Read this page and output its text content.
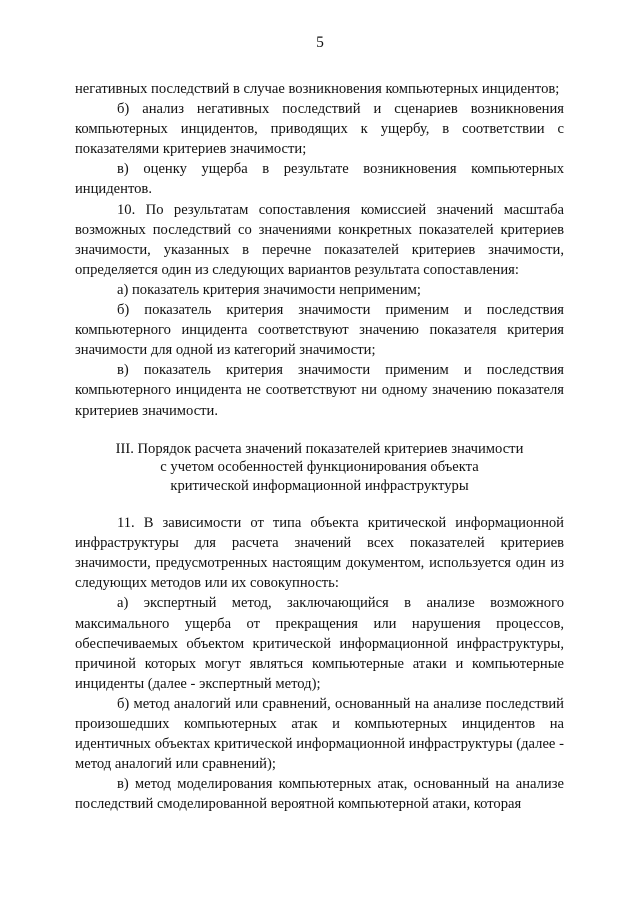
5

негативных последствий в случае возникновения компьютерных инцидентов;

б) анализ негативных последствий и сценариев возникновения компьютерных инцидентов, приводящих к ущербу, в соответствии с показателями критериев значимости;

в) оценку ущерба в результате возникновения компьютерных инцидентов.

10. По результатам сопоставления комиссией значений масштаба возможных последствий со значениями конкретных показателей критериев значимости, указанных в перечне показателей критериев значимости, определяется один из следующих вариантов результата сопоставления:

а) показатель критерия значимости неприменим;

б) показатель критерия значимости применим и последствия компьютерного инцидента соответствуют значению показателя критерия значимости для одной из категорий значимости;

в) показатель критерия значимости применим и последствия компьютерного инцидента не соответствуют ни одному значению показателя критериев значимости.

III. Порядок расчета значений показателей критериев значимости
с учетом особенностей функционирования объекта
критической информационной инфраструктуры

11. В зависимости от типа объекта критической информационной инфраструктуры для расчета значений всех показателей критериев значимости, предусмотренных настоящим документом, используется один из следующих методов или их совокупность:

а) экспертный метод, заключающийся в анализе возможного максимального ущерба от прекращения или нарушения процессов, обеспечиваемых объектом критической информационной инфраструктуры, причиной которых могут являться компьютерные атаки и компьютерные инциденты (далее - экспертный метод);

б) метод аналогий или сравнений, основанный на анализе последствий произошедших компьютерных атак и компьютерных инцидентов на идентичных объектах критической информационной инфраструктуры (далее - метод аналогий или сравнений);

в) метод моделирования компьютерных атак, основанный на анализе последствий смоделированной вероятной компьютерной атаки, которая
